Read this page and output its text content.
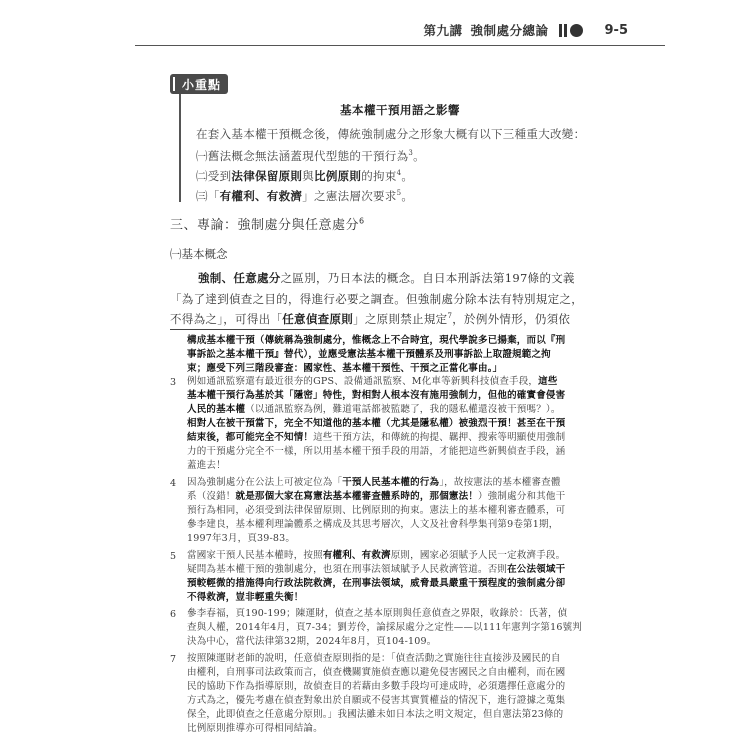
第九講 強制處分總論	9-5
小重點
基本權干預用語之影響
在套入基本權干預概念後，傳統強制處分之形象大概有以下三種重大改變：
㈠舊法概念無法涵蓋現代型態的干預行為$^3$。
㈡受到法律保留原則與比例原則的拘束$^4$。
㈢「有權利、有救濟」之憲法層次要求$^5$。
三、專論：強制處分與任意處分$^6$
㈠基本概念
強制、任意處分之區別，乃日本法的概念。自日本刑訴法第197條的文義
「為了達到偵查之目的，得進行必要之調查。但強制處分除本法有特別規定之，
不得為之」，可得出「任意偵查原則」之原則禁止規定$^7$，於例外情形，仍須依
構成基本權干預（傳統稱為強制處分，惟概念上不合時宜，現代學說多已揚棄，而以『刑
事訴訟之基本權干預』替代），並應受憲法基本權干預體系及刑事訴訟上取證規範之拘
束；應受下列三階段審查：國家性、基本權干預性、干預之正當化事由。」
3 例如通訊監察還有最近很夯的GPS、設備通訊監察、M化車等新興科技偵查手段，這些
基本權干預行為基於其「隱密」特性，對相對人根本沒有施用強制力，但他的確實會侵害
人民的基本權（以通訊監察為例，難道電話都被監聽了，我的隱私權還沒被干預嗎？）。
相對人在被干預當下，完全不知道他的基本權（尤其是隱私權）被強烈干預！甚至在干預
結束後，都可能完全不知情！這些干預方法，和傳統的拘提、羈押、搜索等明顯使用強制
力的干預處分完全不一樣，所以用基本權干預手段的用語，才能把這些新興偵查手段，涵
蓋進去！
4 因為強制處分在公法上可被定位為「干預人民基本權的行為」，故按憲法的基本權審查體
系（沒錯！就是那個大家在寫憲法基本權審查體系時的，那個憲法！）強制處分和其他干
預行為相同，必須受到法律保留原則、比例原則的拘束。憲法上的基本權利審查體系，可
參李建良，基本權利理論體系之構成及其思考層次，人文及社會科學集刊第9卷第1期，
1997年3月，頁39-83。
5 當國家干預人民基本權時，按照有權利、有救濟原則，國家必須賦予人民一定救濟手段。
疑問為基本權干預的強制處分，也須在刑事法領域賦予人民救濟管道。否則在公法領域干
預較輕微的措施得向行政法院救濟，在刑事法領域，威脅最具嚴重干預程度的強制處分卻
不得救濟，豈非輕重失衡！
6 參李春福，頁190-199；陳運財，偵查之基本原則與任意偵查之界限，收錄於：氏著，偵
查與人權，2014年4月，頁7-34；劉芳伶，論採尿處分之定性——以111年憲判字第16號判
決為中心，當代法律第32期，2024年8月，頁104-109。
7 按照陳運財老師的說明，任意偵查原則指的是：「偵查活動之實施往往直接涉及國民的自
由權利，自刑事司法政策而言，偵查機關實施偵查應以避免侵害國民之自由權利，而在國
民的協助下作為指導原則，故偵查目的若藉由多數手段均可達成時，必須選擇任意處分的
方式為之，優先考慮在偵查對象出於自願或不侵害其實質權益的情況下，進行證據之蒐集
保全，此即偵查之任意處分原則。」我國法雖未如日本法之明文規定，但自憲法第23條的
比例原則推導亦可得相同結論。
